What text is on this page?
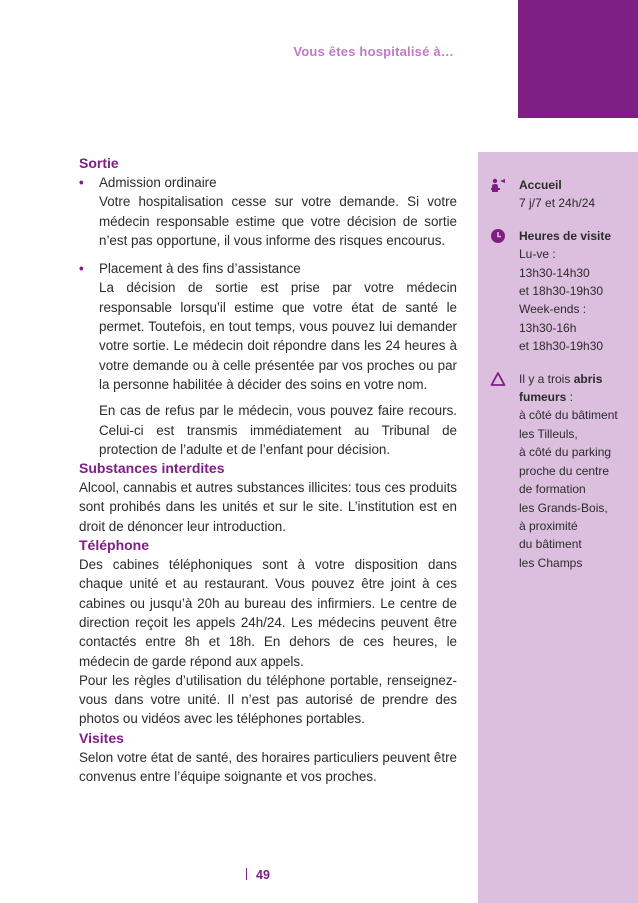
Vous êtes hospitalisé à…
Sortie
• Admission ordinaire

Votre hospitalisation cesse sur votre demande. Si votre médecin responsable estime que votre décision de sortie n’est pas opportune, il vous informe des risques encourus.

• Placement à des fins d’assistance

La décision de sortie est prise par votre médecin responsable lorsqu’il estime que votre état de santé le permet. Toutefois, en tout temps, vous pouvez lui demander votre sortie. Le médecin doit répondre dans les 24 heures à votre demande ou à celle présentée par vos proches ou par la personne habilitée à décider des soins en votre nom.

En cas de refus par le médecin, vous pouvez faire recours. Celui-ci est transmis immédiatement au Tribunal de protection de l’adulte et de l’enfant pour décision.

Substances interdites

Alcool, cannabis et autres substances illicites: tous ces produits sont prohibés dans les unités et sur le site. L’institution est en droit de dénoncer leur introduction.

Téléphone

Des cabines téléphoniques sont à votre disposition dans chaque unité et au restaurant. Vous pouvez être joint à ces cabines ou jusqu’à 20h au bureau des infirmiers. Le centre de direction reçoit les appels 24h/24. Les médecins peuvent être contactés entre 8h et 18h. En dehors de ces heures, le médecin de garde répond aux appels.

Pour les règles d’utilisation du téléphone portable, renseignez-vous dans votre unité. Il n’est pas autorisé de prendre des photos ou vidéos avec les téléphones portables.

Visites

Selon votre état de santé, des horaires particuliers peuvent être convenus entre l’équipe soignante et vos proches.

Accueil
7 j/7 et 24h/24
Heures de visite
Lu-ve :
13h30-14h30
et 18h30-19h30
Week-ends :
13h30-16h
et 18h30-19h30
Il y a trois abris
fumeurs :
à côté du bâtiment
les Tilleuls,
à côté du parking
proche du centre
de formation
les Grands-Bois,
à proximité
du bâtiment
les Champs
49
